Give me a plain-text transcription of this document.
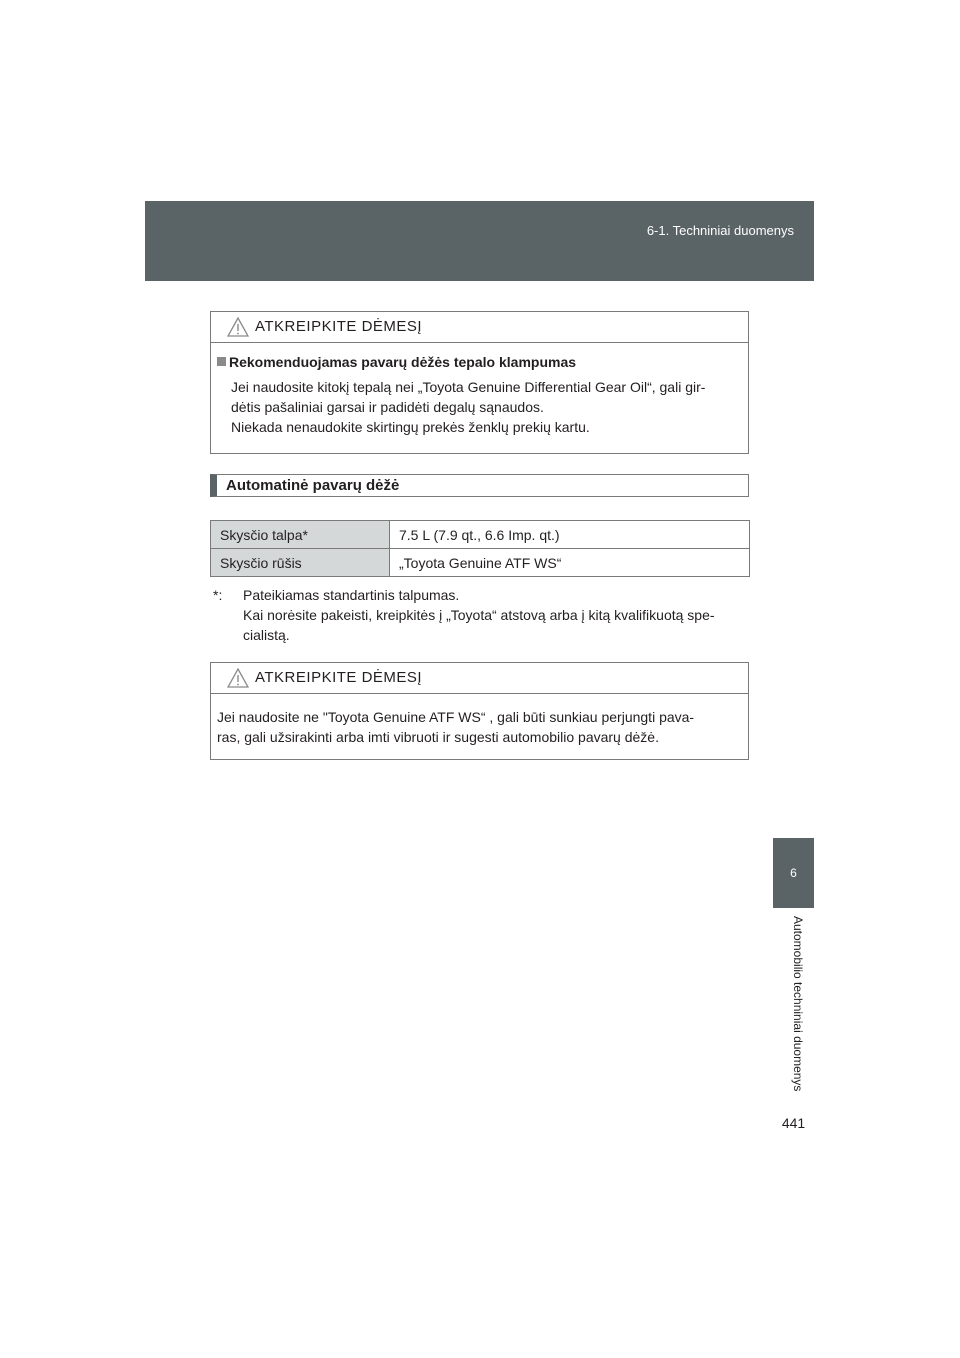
6-1. Techniniai duomenys
6
Automobilio techniniai duomenys
441
ATKREIPKITE DĖMESĮ
Rekomenduojamas pavarų dėžės tepalo klampumas
Jei naudosite kitokį tepalą nei „Toyota Genuine Differential Gear Oil“, gali gir-
dėtis pašaliniai garsai ir padidėti degalų sąnaudos.
Niekada nenaudokite skirtingų prekės ženklų prekių kartu.
Automatinė pavarų dėžė
Skysčio talpa*	7.5 L (7.9 qt., 6.6 Imp. qt.)
Skysčio rūšis	„Toyota Genuine ATF WS“
*:	Pateikiamas standartinis talpumas.
Kai norėsite pakeisti, kreipkitės į „Toyota“ atstovą arba į kitą kvalifikuotą spe-
cialistą.
ATKREIPKITE DĖMESĮ
Jei naudosite ne "Toyota Genuine ATF WS“ , gali būti sunkiau perjungti pava-
ras, gali užsirakinti arba imti vibruoti ir sugesti automobilio pavarų dėžė.
